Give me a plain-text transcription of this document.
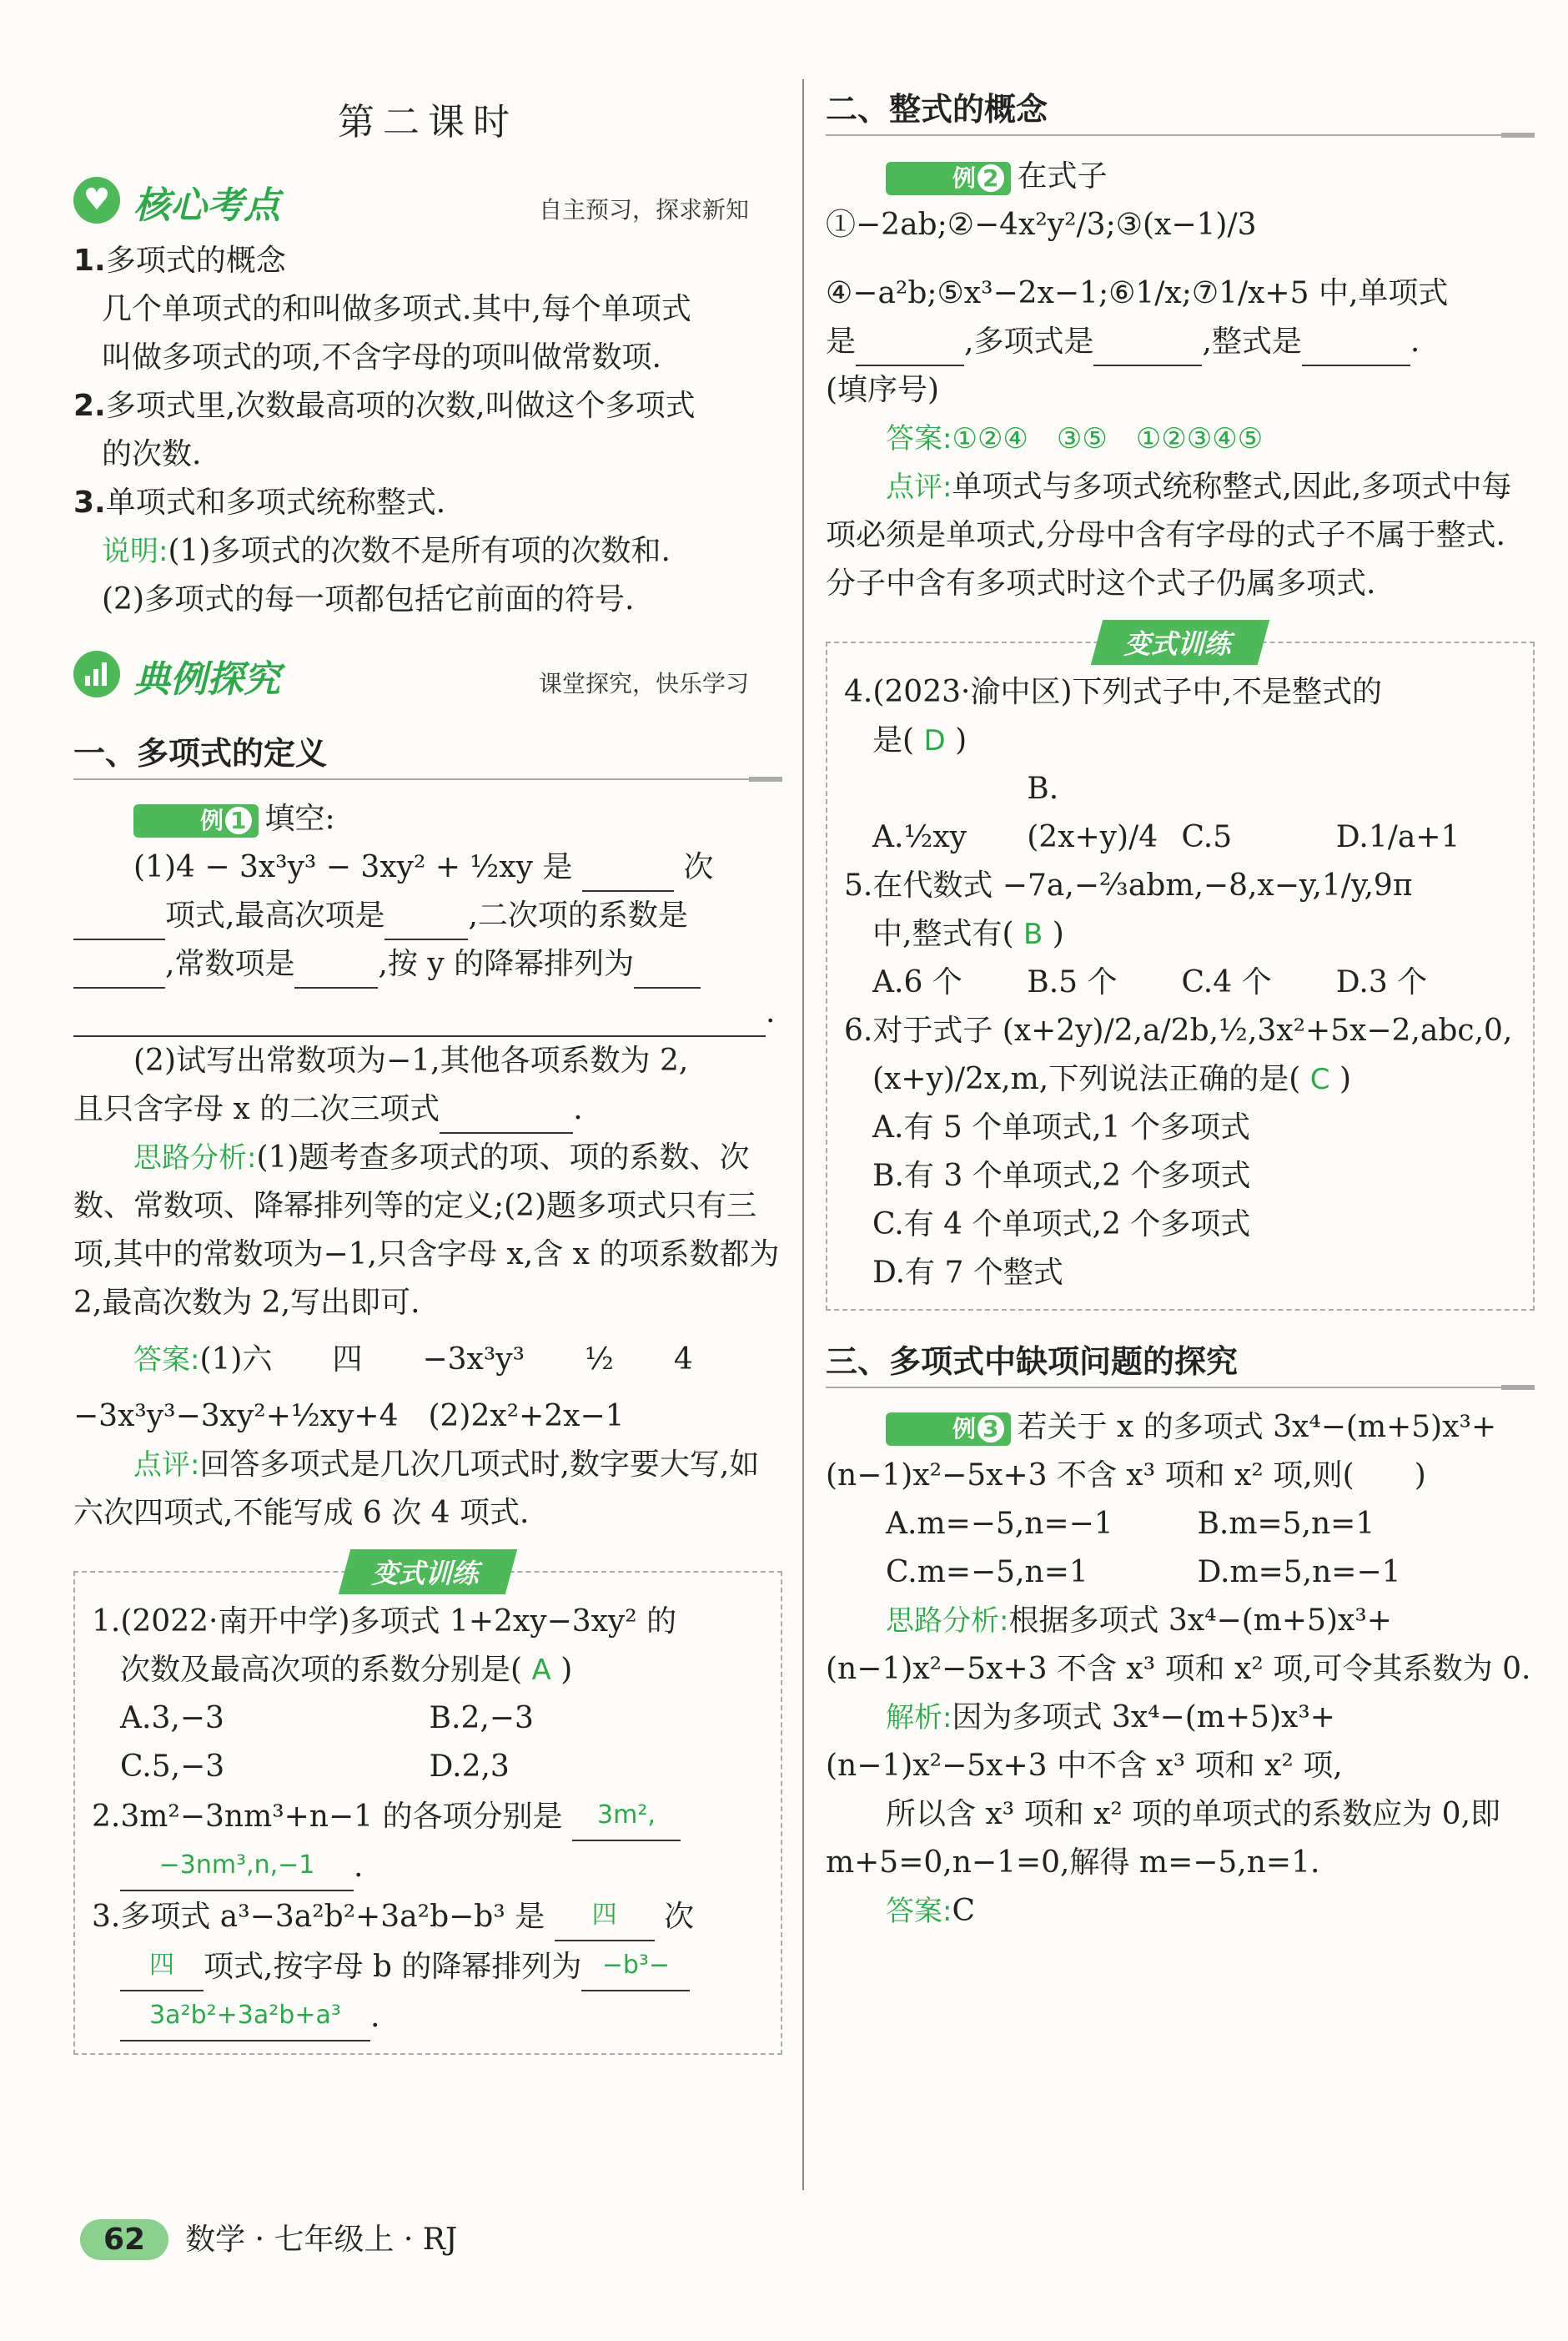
第二课时
♥ 核心考点	自主预习，探求新知

1.多项式的概念

几个单项式的和叫做多项式.其中,每个单项式

叫做多项式的项,不含字母的项叫做常数项.

2.多项式里,次数最高项的次数,叫做这个多项式

的次数.

3.单项式和多项式统称整式.

说明:(1)多项式的次数不是所有项的次数和.

(2)多项式的每一项都包括它前面的符号.

典例探究	课堂探究，快乐学习
一、多项式的定义

例 1 填空:

(1)4 − 3x³y³ − 3xy² + ½xy 是	次

项式,最高次项是	,二次项的系数是

,常数项是	,按 y 的降幂排列为

.

(2)试写出常数项为−1,其他各项系数为 2,

且只含字母 x 的二次三项式	.

思路分析:(1)题考查多项式的项、项的系数、次数、常数项、降幂排列等的定义;(2)题多项式只有三项,其中的常数项为−1,只含字母 x,含 x 的项系数都为 2,最高次数为 2,写出即可.

答案:(1)六　　四　　−3x³y³　　½　　4

−3x³y³−3xy²+½xy+4　(2)2x²+2x−1

点评:回答多项式是几次几项式时,数字要大写,如六次四项式,不能写成 6 次 4 项式.

变式训练

1.(2022·南开中学)多项式 1+2xy−3xy² 的

次数及最高次项的系数分别是( A )

A.3,−3	B.2,−3

C.5,−3	D.2,3

2.3m²−3nm³+n−1 的各项分别是 3m²,

−3nm³,n,−1 .

3.多项式 a³−3a²b²+3a²b−b³ 是 四 次

四 项式,按字母 b 的降幂排列为 −b³−

3a²b²+3a²b+a³ .

二、整式的概念

例 2 在式子①−2ab;②−4x²y²/3;③(x−1)/3

④−a²b;⑤x³−2x−1;⑥1/x;⑦1/x+5 中,单项式

是	,多项式是	,整式是	.

(填序号)

答案:①②④　③⑤　①②③④⑤

点评:单项式与多项式统称整式,因此,多项式中每项必须是单项式,分母中含有字母的式子不属于整式.分子中含有多项式时这个式子仍属多项式.

变式训练

4.(2023·渝中区)下列式子中,不是整式的

是( D )

A.½xyB.(2x+y)/4 C.5	D.1/a+1

5.在代数式 −7a,−⅔abm,−8,x−y,1/y,9π

中,整式有( B )

A.6 个 B.5 个 C.4 个 D.3 个

6.对于式子 (x+2y)/2,a/2b,½,3x²+5x−2,abc,0,

(x+y)/2x,m,下列说法正确的是( C )

A.有 5 个单项式,1 个多项式

B.有 3 个单项式,2 个多项式

C.有 4 个单项式,2 个多项式

D.有 7 个整式

三、多项式中缺项问题的探究

例 3 若关于 x 的多项式 3x⁴−(m+5)x³+

(n−1)x²−5x+3 不含 x³ 项和 x² 项,则(　　)

A.m=−5,n=−1	B.m=5,n=1

C.m=−5,n=1	D.m=5,n=−1

思路分析:根据多项式 3x⁴−(m+5)x³+(n−1)x²−5x+3 不含 x³ 项和 x² 项,可令其系数为 0.

解析:因为多项式 3x⁴−(m+5)x³+(n−1)x²−5x+3 中不含 x³ 项和 x² 项,

所以含 x³ 项和 x² 项的单项式的系数应为 0,即 m+5=0,n−1=0,解得 m=−5,n=1.

答案:C

62 数学 · 七年级上 · RJ
